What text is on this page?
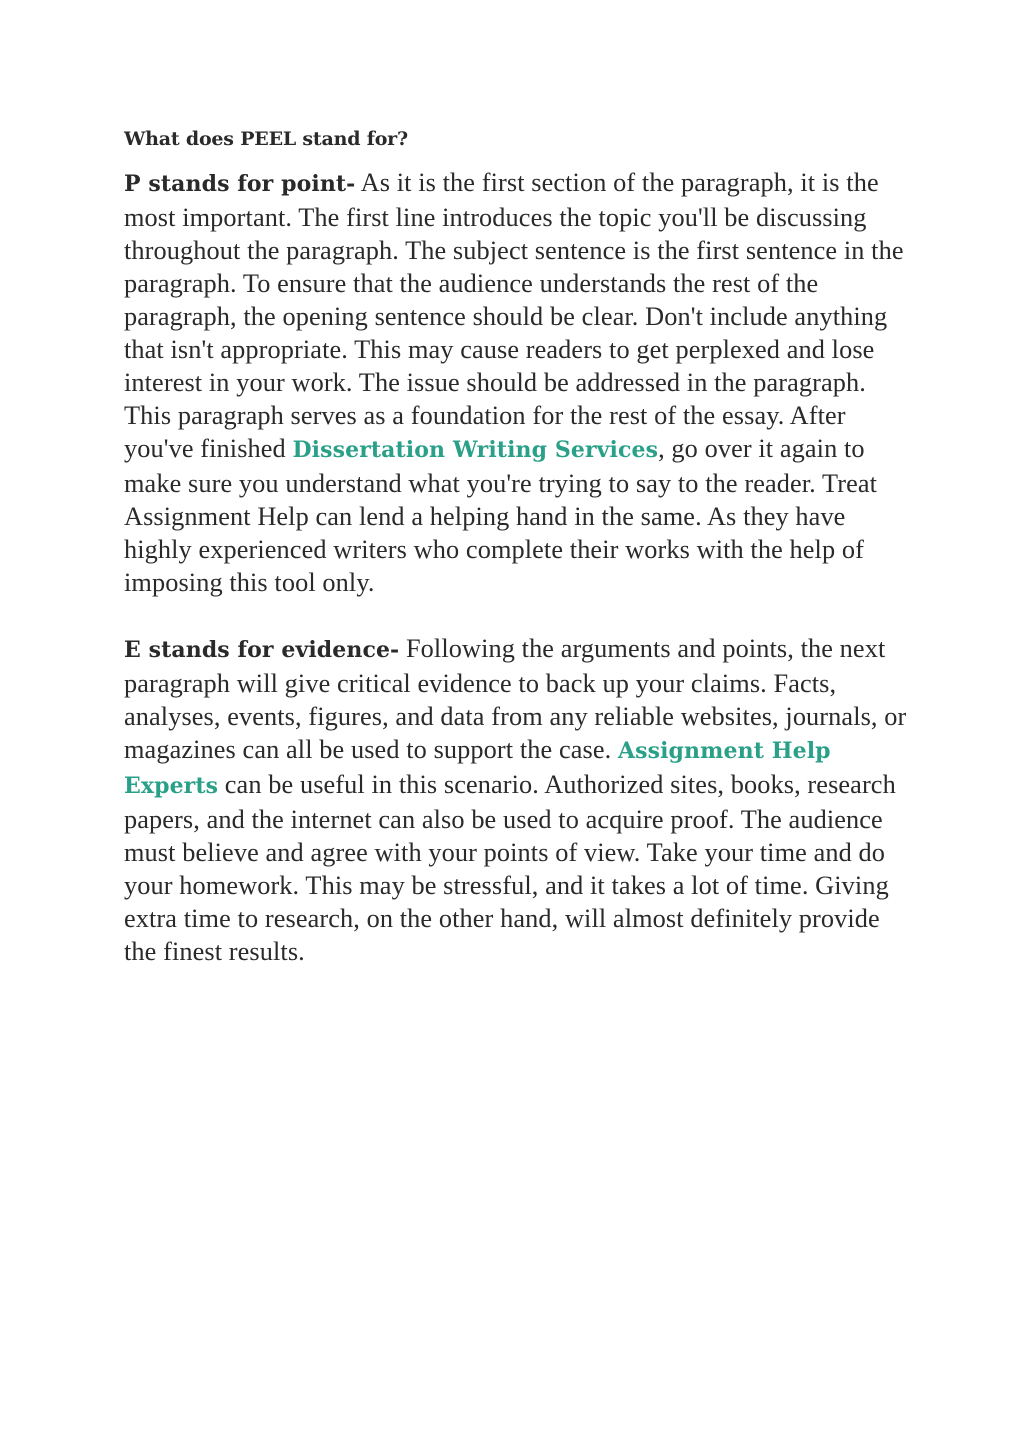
What does PEEL stand for?

P stands for point- As it is the first section of the paragraph, it is the most important. The first line introduces the topic you'll be discussing throughout the paragraph. The subject sentence is the first sentence in the paragraph. To ensure that the audience understands the rest of the paragraph, the opening sentence should be clear. Don't include anything that isn't appropriate. This may cause readers to get perplexed and lose interest in your work. The issue should be addressed in the paragraph. This paragraph serves as a foundation for the rest of the essay. After you've finished Dissertation Writing Services, go over it again to make sure you understand what you're trying to say to the reader. Treat Assignment Help can lend a helping hand in the same. As they have highly experienced writers who complete their works with the help of imposing this tool only.

E stands for evidence- Following the arguments and points, the next paragraph will give critical evidence to back up your claims. Facts, analyses, events, figures, and data from any reliable websites, journals, or magazines can all be used to support the case. Assignment Help Experts can be useful in this scenario. Authorized sites, books, research papers, and the internet can also be used to acquire proof. The audience must believe and agree with your points of view. Take your time and do your homework. This may be stressful, and it takes a lot of time. Giving extra time to research, on the other hand, will almost definitely provide the finest results.
